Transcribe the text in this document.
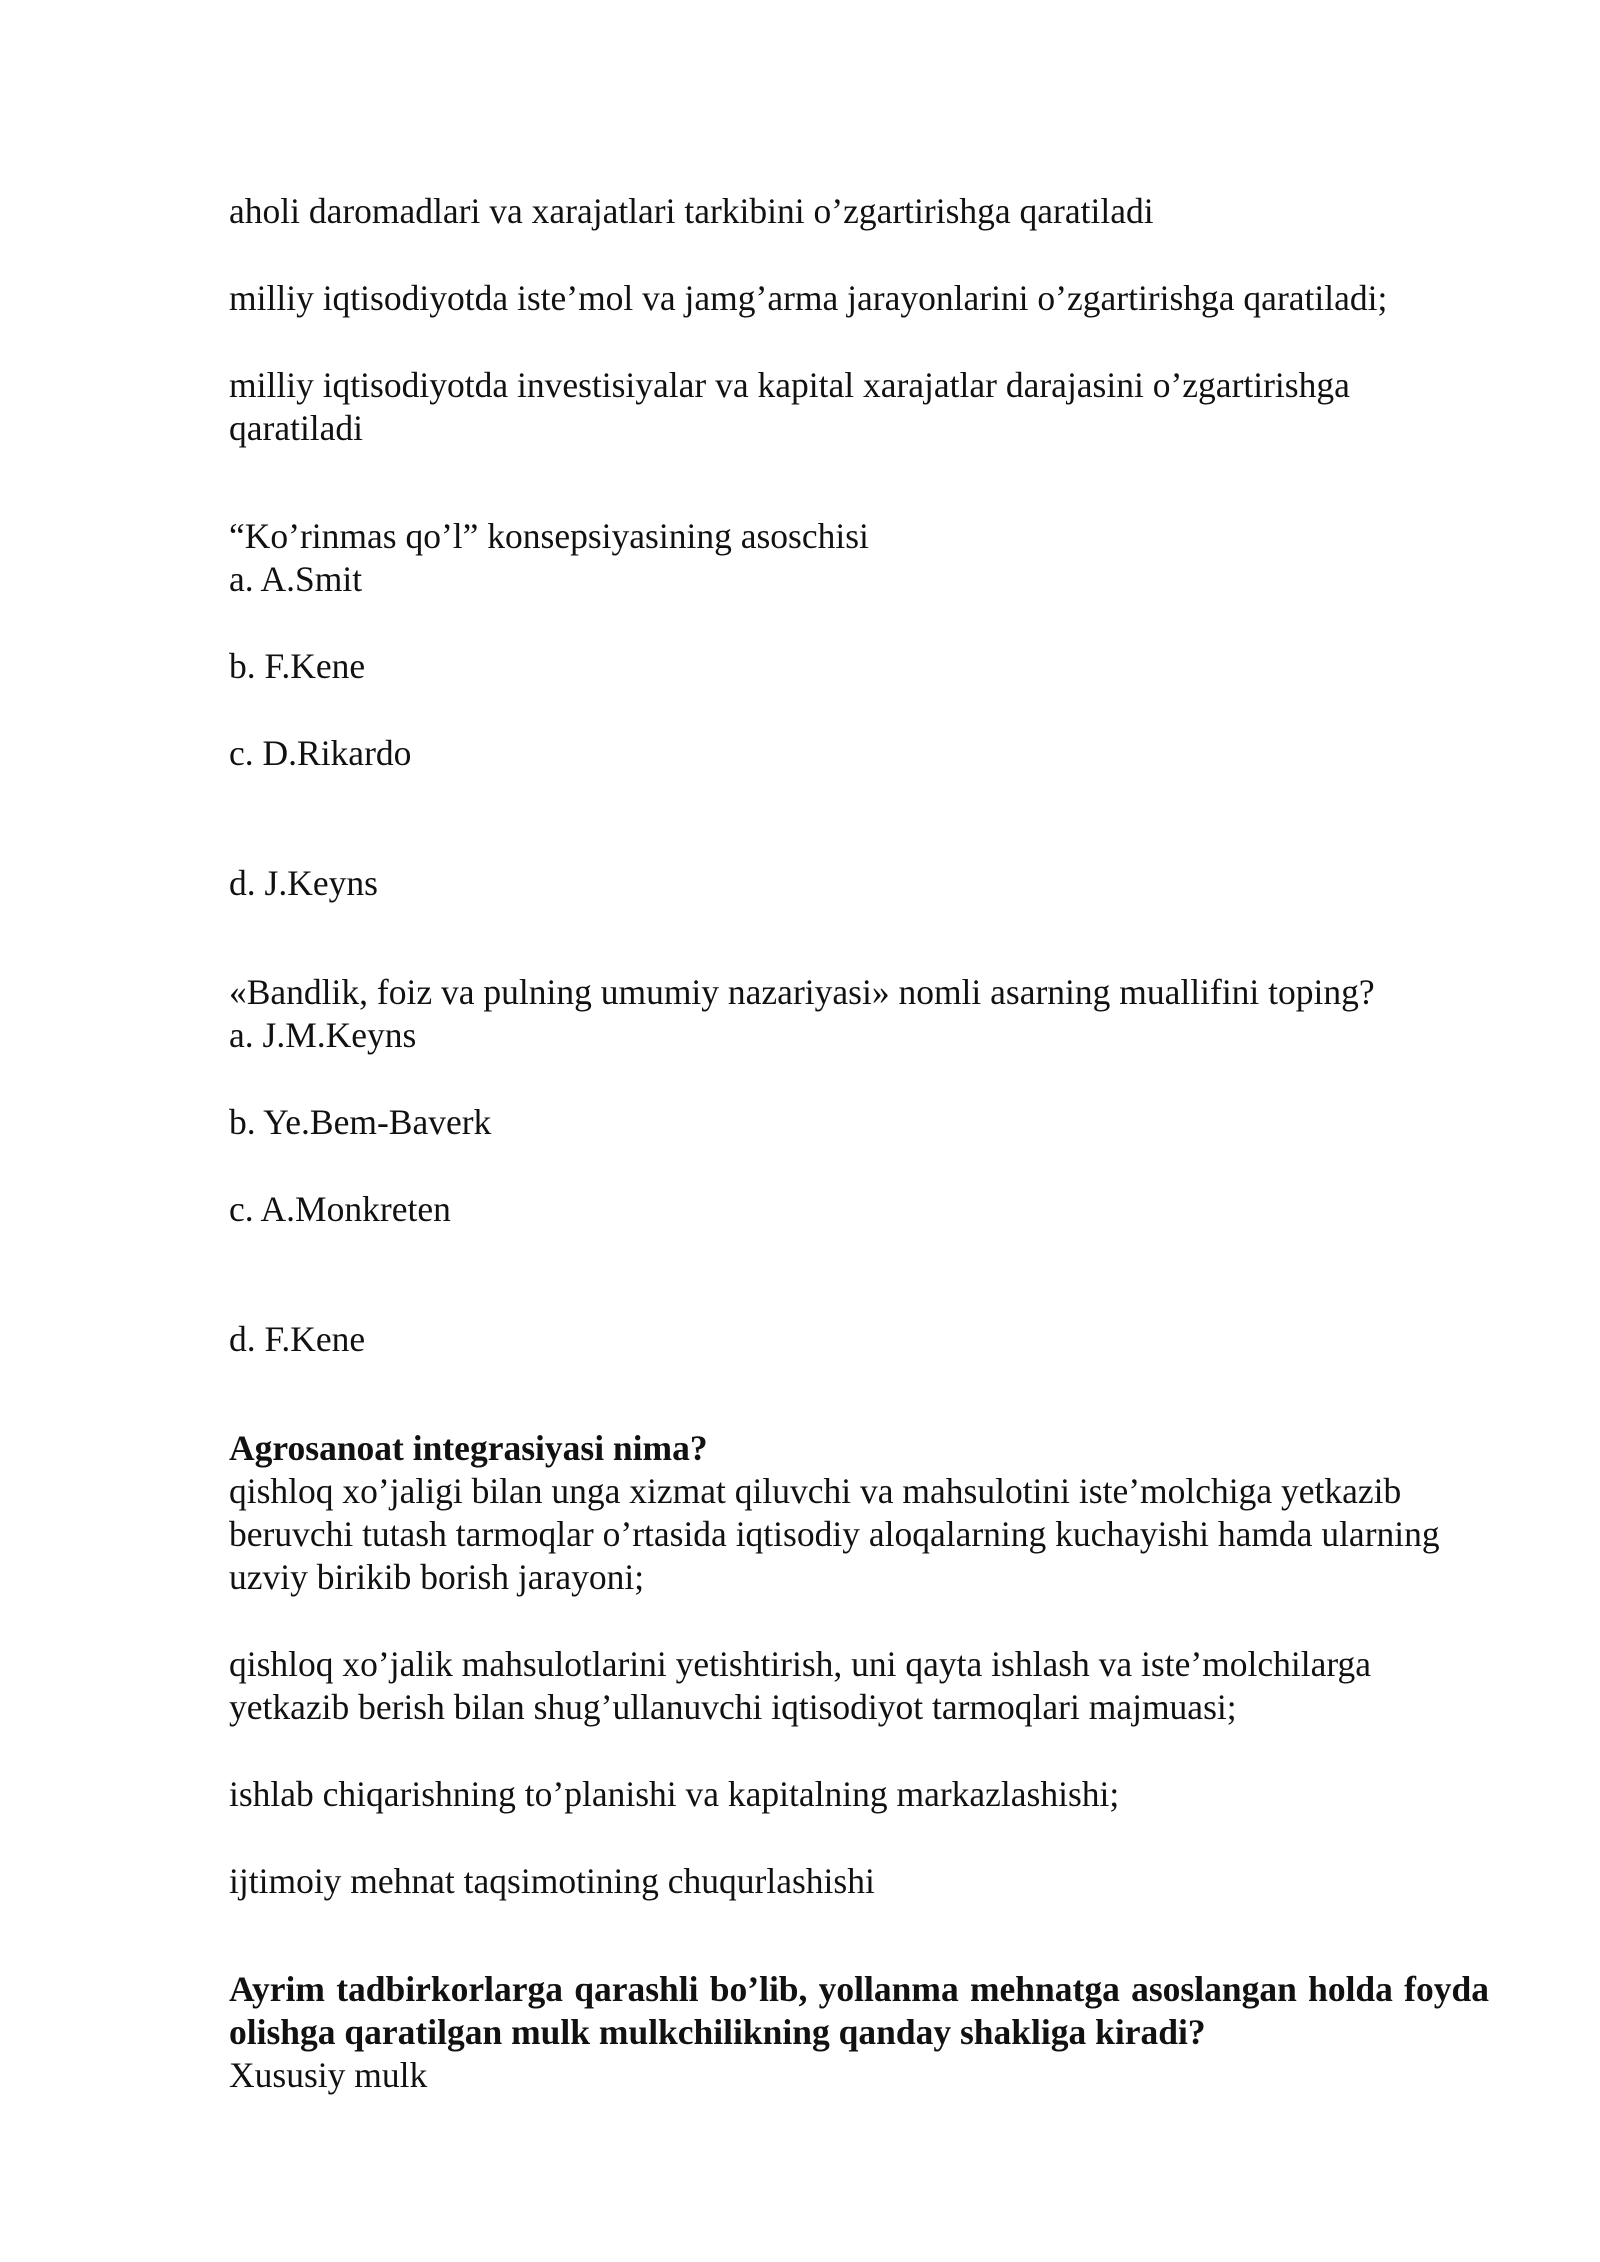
aholi daromadlari va xarajatlari tarkibini o’zgartirishga qaratiladi

milliy iqtisodiyotda iste’mol va jamg’arma jarayonlarini o’zgartirishga qaratiladi;

milliy iqtisodiyotda investisiyalar va kapital xarajatlar darajasini o’zgartirishga qaratiladi

“Ko’rinmas qo’l” konsepsiyasining asoschisi

a. A.Smit

b. F.Kene

c. D.Rikardo

d. J.Keyns

«Bandlik, foiz va pulning umumiy nazariyasi» nomli asarning muallifini toping?

a. J.M.Keyns

b. Ye.Bem-Baverk

c. A.Monkreten

d. F.Kene

Agrosanoat integrasiyasi nima?

qishloq xo’jaligi bilan unga xizmat qiluvchi va mahsulotini iste’molchiga yetkazib beruvchi tutash tarmoqlar o’rtasida iqtisodiy aloqalarning kuchayishi hamda ularning uzviy birikib borish jarayoni;

qishloq xo’jalik mahsulotlarini yetishtirish, uni qayta ishlash va iste’molchilarga yetkazib berish bilan shug’ullanuvchi iqtisodiyot tarmoqlari majmuasi;

ishlab chiqarishning to’planishi va kapitalning markazlashishi;

ijtimoiy mehnat taqsimotining chuqurlashishi

Ayrim tadbirkorlarga qarashli bo’lib, yollanma mehnatga asoslangan holda foyda olishga qaratilgan mulk mulkchilikning qanday shakliga kiradi?

Xususiy mulk
